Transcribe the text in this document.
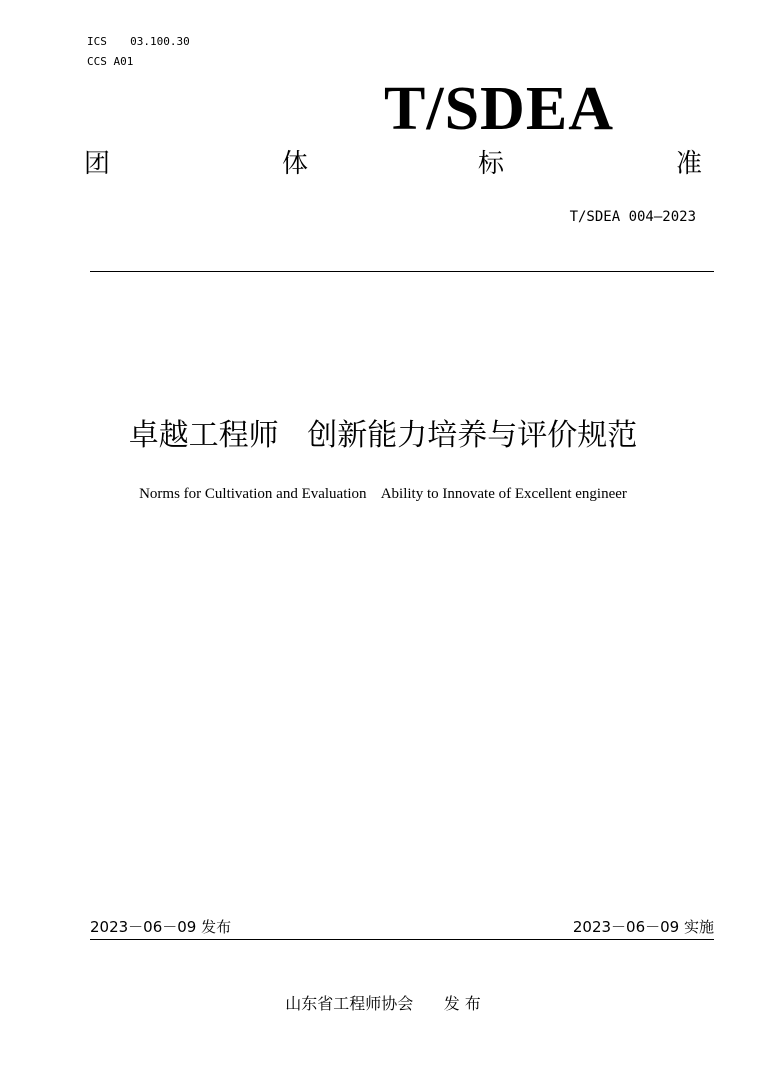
ICS 03.100.30
CCS A01
T/SDEA
团	体	标	准
T/SDEA 004—2023
卓越工程师   创新能力培养与评价规范
Norms for Cultivation and Evaluation    Ability to Innovate of Excellent engineer
2023－06－09 发布	2023－06－09 实施
山东省工程师协会      发 布
